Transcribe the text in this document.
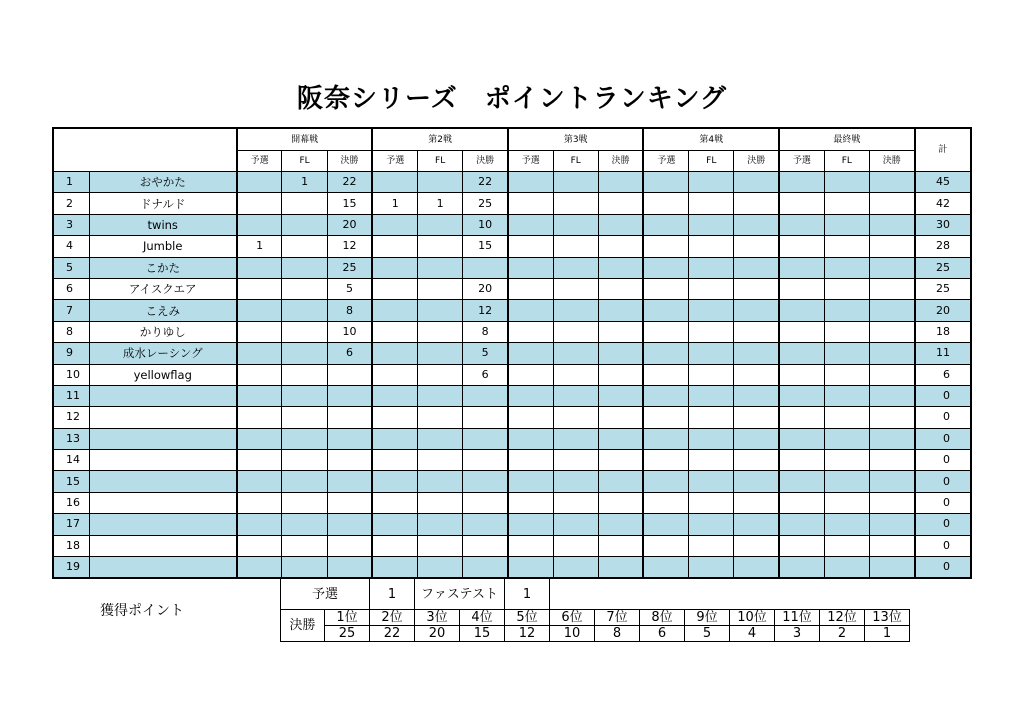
阪奈シリーズ　ポイントランキング
		開幕戦			第2戦			第3戦			第4戦			最終戦			計
		予選	FL	決勝	予選	FL	決勝	予選	FL	決勝	予選	FL	決勝	予選	FL	決勝	
1	おやかた		1	22			22										45
2	ドナルド			15	1	1	25										42
3	twins			20			10										30
4	Jumble	1		12			15										28
5	こかた			25													25
6	アイスクエア			5			20										25
7	こえみ			8			12										20
8	かりゆし			10			8										18
9	成水レーシング			6			5										11
10	yellowflag						6										6
11																	0
12																	0
13																	0
14																	0
15																	0
16																	0
17																	0
18																	0
19																	0
獲得ポイント
予選		1	ファステスト		1								
決勝	1位	2位	3位	4位	5位	6位	7位	8位	9位	10位	11位	12位	13位
	25	22	20	15	12	10	8	6	5	4	3	2	1
